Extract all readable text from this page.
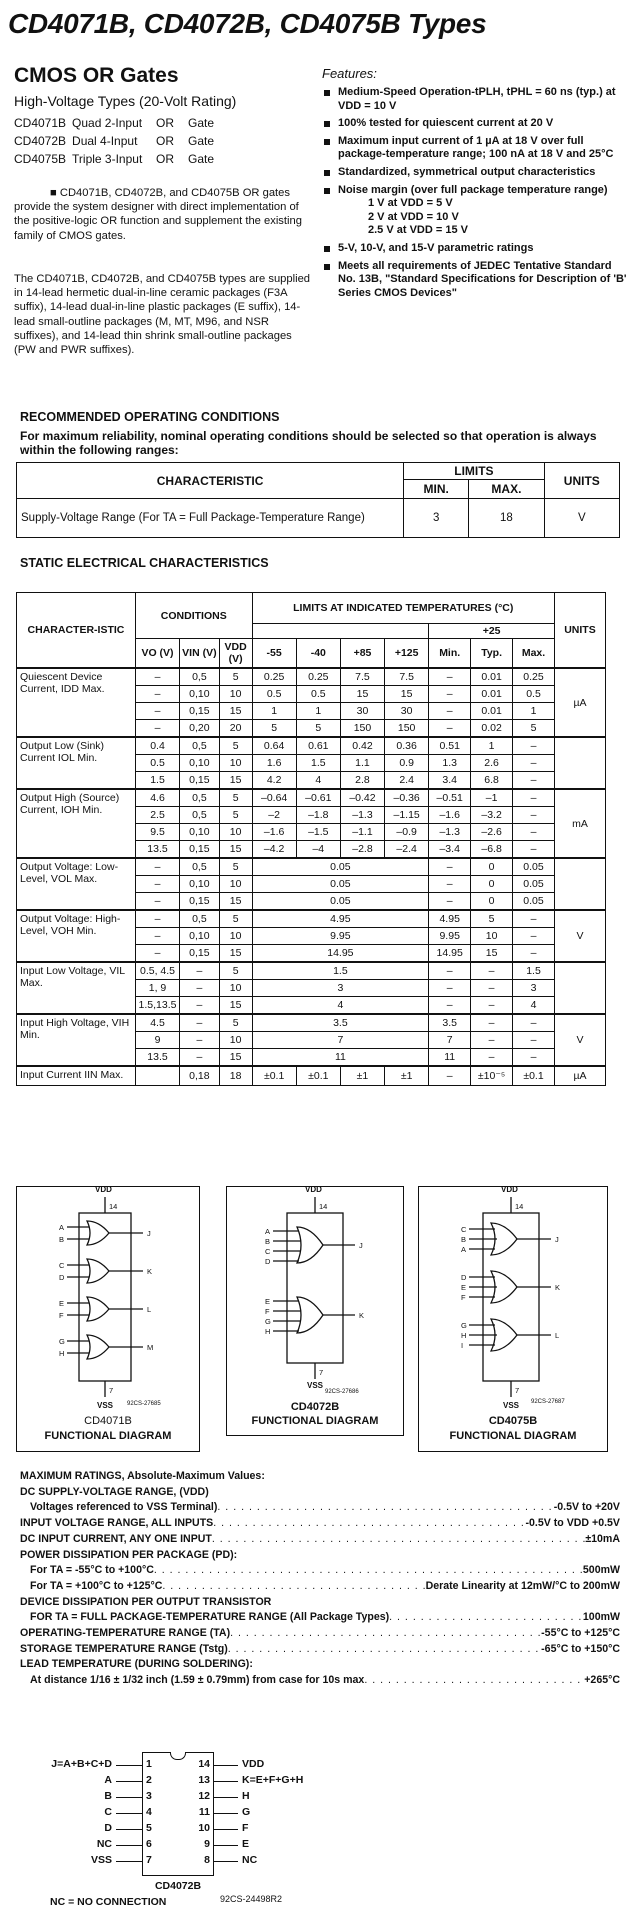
CD4071B, CD4072B, CD4075B Types
CMOS OR Gates
High-Voltage Types (20-Volt Rating)
CD4071B	Quad 2-Input	OR	Gate
CD4072B	Dual 4-Input	OR	Gate
CD4075B	Triple 3-Input	OR	Gate
■ CD4071B, CD4072B, and CD4075B OR gates provide the system designer with direct implementation of the positive-logic OR function and supplement the existing family of CMOS gates.
The CD4071B, CD4072B, and CD4075B types are supplied in 14-lead hermetic dual-in-line ceramic packages (F3A suffix), 14-lead dual-in-line plastic packages (E suffix), 14-lead small-outline packages (M, MT, M96, and NSR suffixes), and 14-lead thin shrink small-outline packages (PW and PWR suffixes).
Features:
Medium-Speed Operation-tPLH, tPHL = 60 ns (typ.) at VDD = 10 V
100% tested for quiescent current at 20 V
Maximum input current of 1 µA at 18 V over full package-temperature range; 100 nA at 18 V and 25°C
Standardized, symmetrical output characteristics
Noise margin (over full package temperature range)
1 V at VDD = 5 V
2 V at VDD = 10 V
2.5 V at VDD = 15 V
5-V, 10-V, and 15-V parametric ratings
Meets all requirements of JEDEC Tentative Standard No. 13B, "Standard Specifications for Description of 'B' Series CMOS Devices"
RECOMMENDED OPERATING CONDITIONS
For maximum reliability, nominal operating conditions should be selected so that operation is always within the following ranges:
CHARACTERISTIC	LIMITS		UNITS
	MIN.	MAX.	
Supply-Voltage Range (For TA = Full Package-Temperature Range)	3	18	V
STATIC ELECTRICAL CHARACTERISTICS
CHARACTER-ISTIC	CONDITIONS			LIMITS AT INDICATED TEMPERATURES (°C)							UNITS
								+25			
	VO (V)	VIN (V)	VDD (V)	-55	-40	+85	+125	Min.	Typ.	Max.	
Quiescent Device Current, IDD Max.	–	0,5	5	0.25	0.25	7.5	7.5	–	0.01	0.25	µA
	–	0,10	10	0.5	0.5	15	15	–	0.01	0.5	
	–	0,15	15	1	1	30	30	–	0.01	1	
	–	0,20	20	5	5	150	150	–	0.02	5	
Output Low (Sink) Current IOL Min.	0.4	0,5	5	0.64	0.61	0.42	0.36	0.51	1	–	
	0.5	0,10	10	1.6	1.5	1.1	0.9	1.3	2.6	–	
	1.5	0,15	15	4.2	4	2.8	2.4	3.4	6.8	–	
Output High (Source) Current, IOH Min.	4.6	0,5	5	–0.64	–0.61	–0.42	–0.36	–0.51	–1	–	mA
	2.5	0,5	5	–2	–1.8	–1.3	–1.15	–1.6	–3.2	–	
	9.5	0,10	10	–1.6	–1.5	–1.1	–0.9	–1.3	–2.6	–	
	13.5	0,15	15	–4.2	–4	–2.8	–2.4	–3.4	–6.8	–	
Output Voltage: Low-Level, VOL Max.	–	0,5	5	0.05				–	0	0.05	
	–	0,10	10	0.05				–	0	0.05	
	–	0,15	15	0.05				–	0	0.05	
Output Voltage: High-Level, VOH Min.	–	0,5	5	4.95				4.95	5	–	V
	–	0,10	10	9.95				9.95	10	–	
	–	0,15	15	14.95				14.95	15	–	
Input Low Voltage, VIL Max.	0.5, 4.5	–	5	1.5				–	–	1.5	
	1, 9	–	10	3				–	–	3	
	1.5,13.5	–	15	4				–	–	4	
Input High Voltage, VIH Min.	4.5	–	5	3.5				3.5	–	–	V
	9	–	10	7				7	–	–	
	13.5	–	15	11				11	–	–	
Input Current IIN Max.		0,18	18	±0.1	±0.1	±1	±1	–	±10⁻⁵	±0.1	µA
A
B
C
D
E
F
G
H
J
K
L
M
14
7
VDD
VSS 92CS-27685
CD4071B
FUNCTIONAL DIAGRAM
A
B
C
D
E
F
G
H
J
K
14
7
VDD
VSS
92CS-27686
CD4072B
FUNCTIONAL DIAGRAM
C
B
A
D
E
F
G
H
I
J
K
L
14
7
VDD
VSS 92CS-27687
CD4075B
FUNCTIONAL DIAGRAM
MAXIMUM RATINGS, Absolute-Maximum Values:
DC SUPPLY-VOLTAGE RANGE, (VDD)
Voltages referenced to VSS Terminal) . . .	-0.5V to +20V
INPUT VOLTAGE RANGE, ALL INPUTS . . .	-0.5V to VDD +0.5V
DC INPUT CURRENT, ANY ONE INPUT . . .	±10mA
POWER DISSIPATION PER PACKAGE (PD):
For TA = -55°C to +100°C . . .	500mW
For TA = +100°C to +125°C . . .	Derate Linearity at 12mW/°C to 200mW
DEVICE DISSIPATION PER OUTPUT TRANSISTOR
FOR TA = FULL PACKAGE-TEMPERATURE RANGE (All Package Types) . . .	100mW
OPERATING-TEMPERATURE RANGE (TA) . . .	-55°C to +125°C
STORAGE TEMPERATURE RANGE (Tstg) . . .	-65°C to +150°C
LEAD TEMPERATURE (DURING SOLDERING):
At distance 1/16 ± 1/32 inch (1.59 ± 0.79mm) from case for 10s max . . .	+265°C
J=A+B+C+D	1	14	VDD
A	2	13	K=E+F+G+H
B	3	12	H
C	4	11	G
D	5	10	F
NC	6	9	E
VSS	7	8	NC
CD4072B
NC = NO CONNECTION	92CS-24498R2
